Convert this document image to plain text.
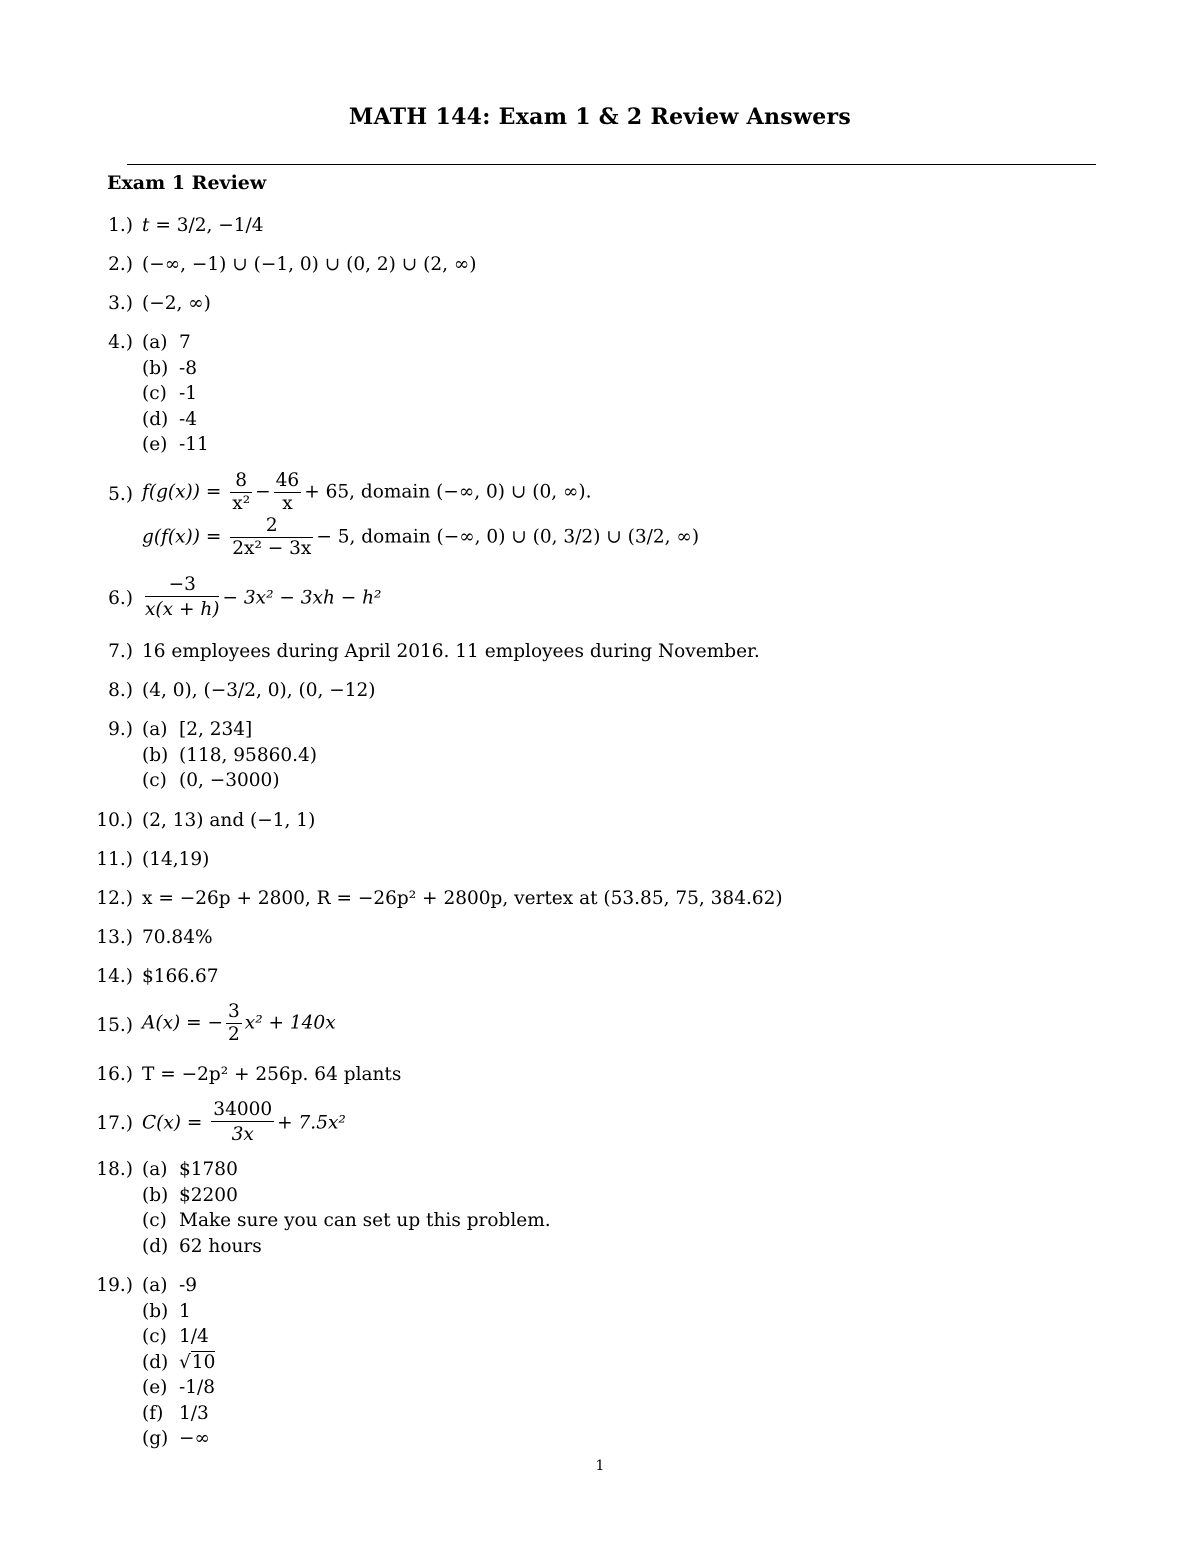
MATH 144: Exam 1 & 2 Review Answers
Exam 1 Review
1.) t = 3/2, −1/4
2.) (−∞, −1) ∪ (−1, 0) ∪ (0, 2) ∪ (2, ∞)
3.) (−2, ∞)
4.) (a) 7
(b) -8
(c) -1
(d) -4
(e) -11
5.) $f(g(x)) = \frac{8}{\text{x²}} - \frac{46}{x} + 65$, domain (−∞, 0) ∪ (0, ∞).
$g(f(x)) = \frac{2}{\text{2x² − 3x}} - 5$, domain (−∞, 0) ∪ (0, 3/2) ∪ (3/2, ∞)
$6.) \frac{-3}{x(x + h)} - 3x^2 - 3xh - h^2$
7.) 16 employees during April 2016. 11 employees during November.
8.) (4, 0), (−3/2, 0), (0, −12)
9.) (a) [2, 234]
(b) (118, 95860.4)
(c) (0, −3000)
10.) (2, 13) and (−1, 1)
11.) (14,19)
12.) x = −26p + 2800, R = −26p² + 2800p, vertex at (53.85, 75, 384.62)
13.) 70.84%
14.) $166.67
15.) A(x) = − $\frac{3}{2} x^2 + 140x$
16.) T = −2p² + 256p. 64 plants
17.) $C(x) = \frac{34000}{3x} + 7.5x^2$
18.) (a) $1780
(b) $2200
(c) Make sure you can set up this problem.
(d) 62 hours
19.) (a) -9
(b) 1
(c) 1/4
(d) √10
(e) -1/8
(f) 1/3
(g) −∞
1
